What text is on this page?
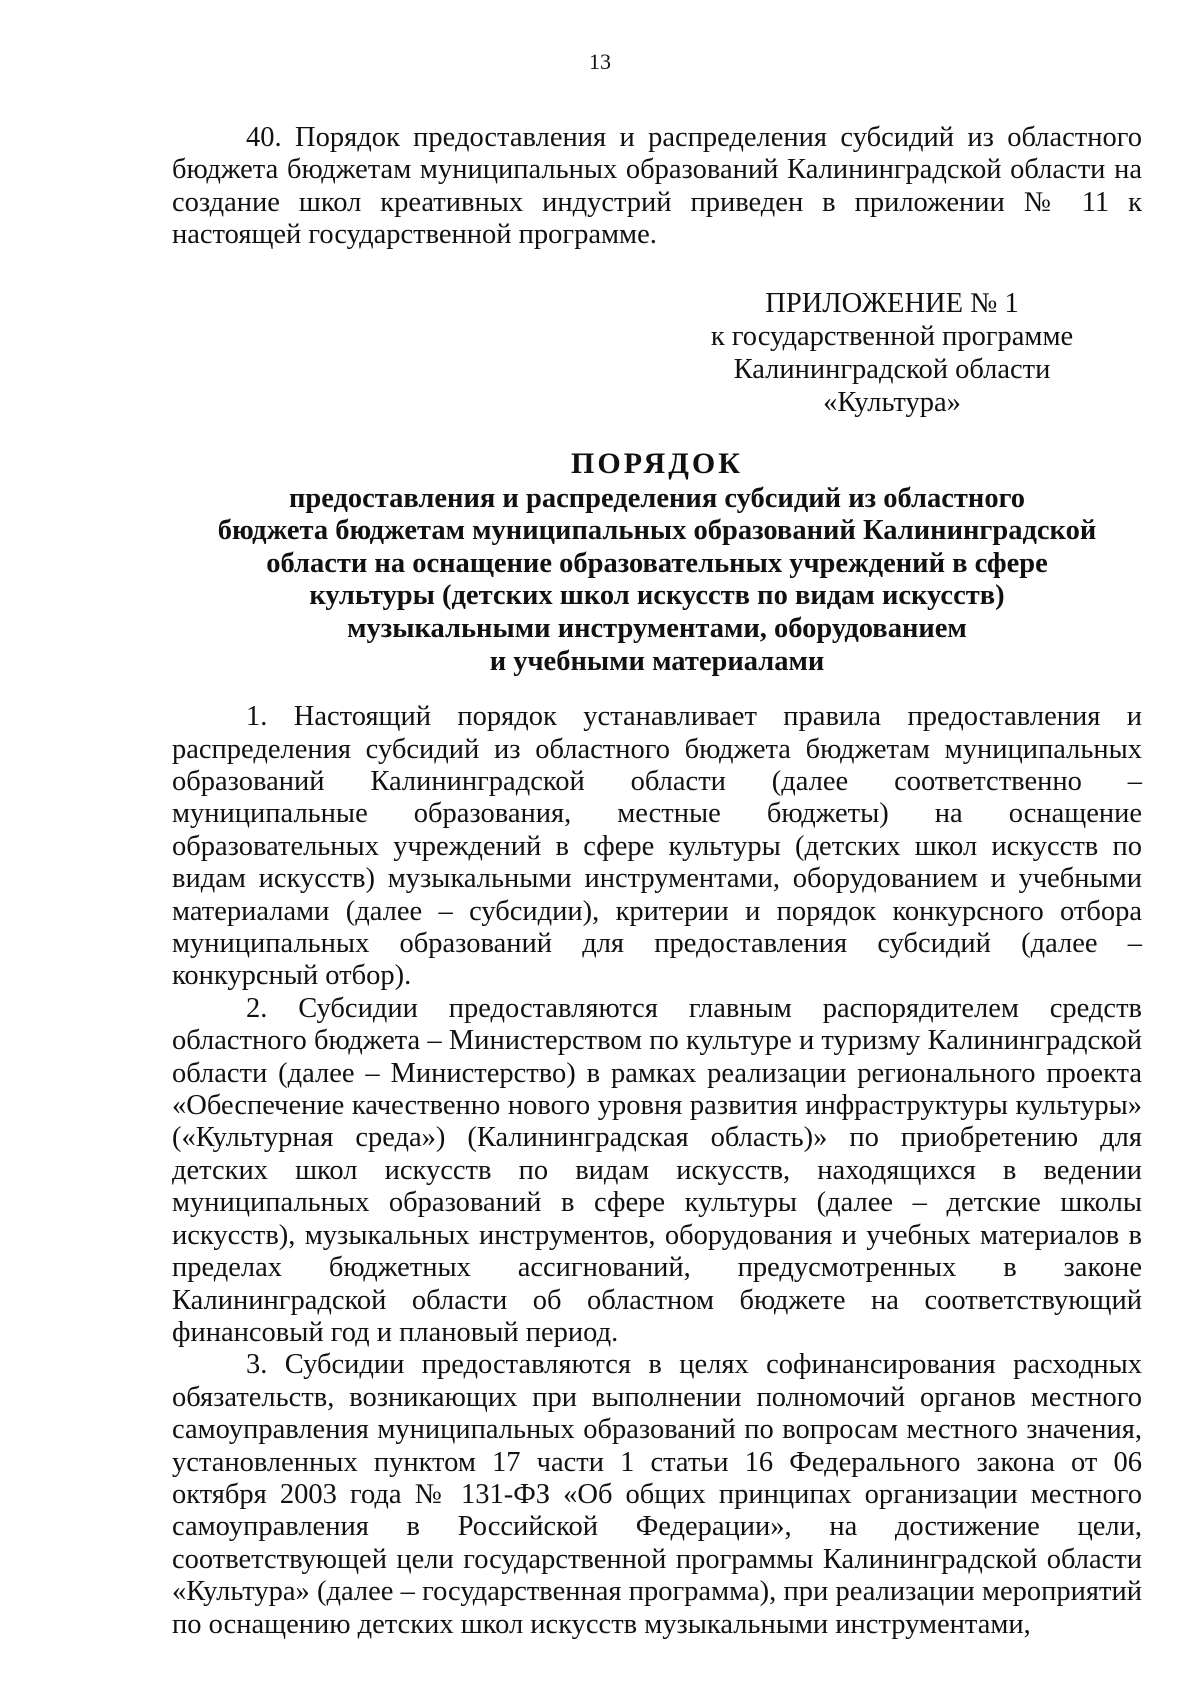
13

40. Порядок предоставления и распределения субсидий из областного бюджета бюджетам муниципальных образований Калининградской области на создание школ креативных индустрий приведен в приложении № 11 к настоящей государственной программе.

ПРИЛОЖЕНИЕ № 1
к государственной программе
Калининградской области
«Культура»
ПОРЯДОК
предоставления и распределения субсидий из областного
бюджета бюджетам муниципальных образований Калининградской
области на оснащение образовательных учреждений в сфере
культуры (детских школ искусств по видам искусств)
музыкальными инструментами, оборудованием
и учебными материалами

1. Настоящий порядок устанавливает правила предоставления и распределения субсидий из областного бюджета бюджетам муниципальных образований Калининградской области (далее соответственно – муниципальные образования, местные бюджеты) на оснащение образовательных учреждений в сфере культуры (детских школ искусств по видам искусств) музыкальными инструментами, оборудованием и учебными материалами (далее – субсидии), критерии и порядок конкурсного отбора муниципальных образований для предоставления субсидий (далее – конкурсный отбор).

2. Субсидии предоставляются главным распорядителем средств областного бюджета – Министерством по культуре и туризму Калининградской области (далее – Министерство) в рамках реализации регионального проекта «Обеспечение качественно нового уровня развития инфраструктуры культуры» («Культурная среда») (Калининградская область)» по приобретению для детских школ искусств по видам искусств, находящихся в ведении муниципальных образований в сфере культуры (далее – детские школы искусств), музыкальных инструментов, оборудования и учебных материалов в пределах бюджетных ассигнований, предусмотренных в законе Калининградской области об областном бюджете на соответствующий финансовый год и плановый период.

3. Субсидии предоставляются в целях софинансирования расходных обязательств, возникающих при выполнении полномочий органов местного самоуправления муниципальных образований по вопросам местного значения, установленных пунктом 17 части 1 статьи 16 Федерального закона от 06 октября 2003 года № 131-ФЗ «Об общих принципах организации местного самоуправления в Российской Федерации», на достижение цели, соответствующей цели государственной программы Калининградской области «Культура» (далее – государственная программа), при реализации мероприятий по оснащению детских школ искусств музыкальными инструментами,
